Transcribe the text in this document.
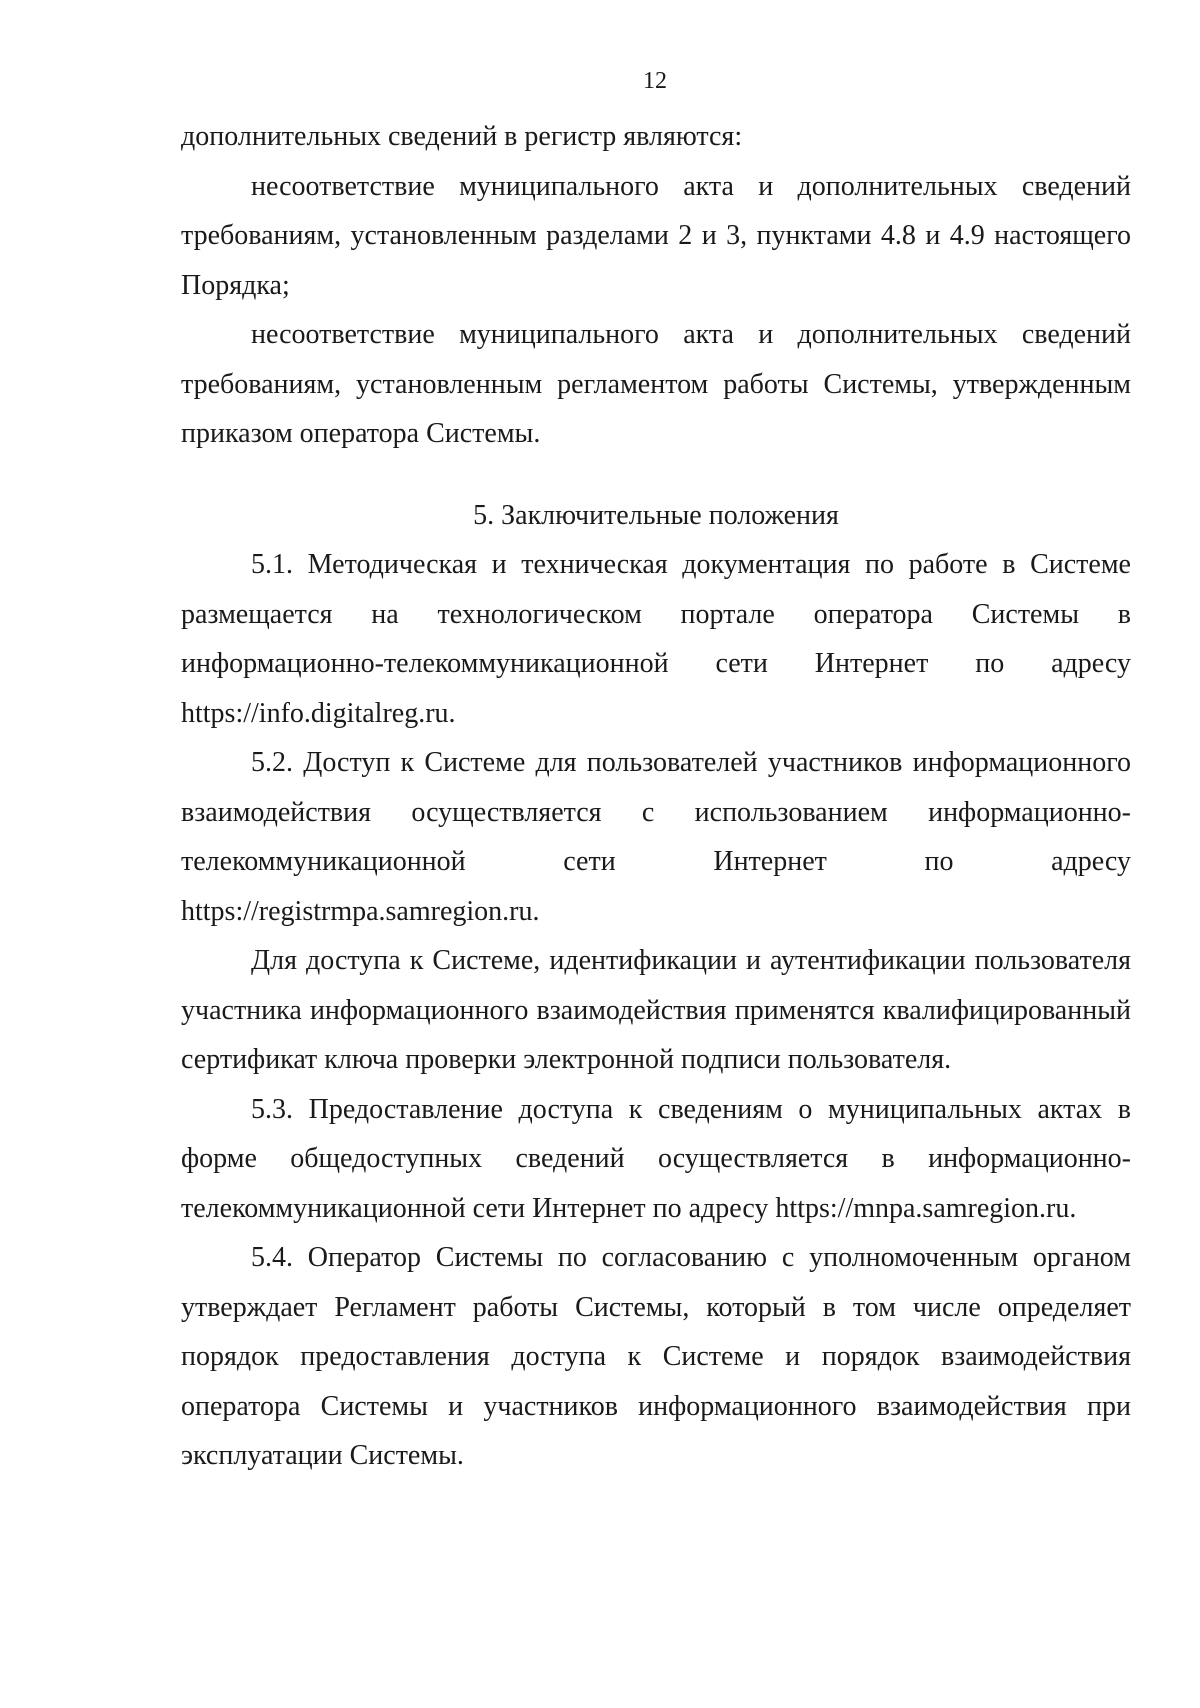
12

дополнительных сведений в регистр являются:

несоответствие муниципального акта и дополнительных сведений требованиям, установленным разделами 2 и 3, пунктами 4.8 и 4.9 настоящего Порядка;

несоответствие муниципального акта и дополнительных сведений требованиям, установленным регламентом работы Системы, утвержденным приказом оператора Системы.

5. Заключительные положения

5.1. Методическая и техническая документация по работе в Системе размещается на технологическом портале оператора Системы в информационно-телекоммуникационной сети Интернет по адресу https://info.digitalreg.ru.

5.2. Доступ к Системе для пользователей участников информационного взаимодействия осуществляется с использованием информационно-телекоммуникационной сети Интернет по адресу https://registrmpa.samregion.ru.

Для доступа к Системе, идентификации и аутентификации пользователя участника информационного взаимодействия применятся квалифицированный сертификат ключа проверки электронной подписи пользователя.

5.3. Предоставление доступа к сведениям о муниципальных актах в форме общедоступных сведений осуществляется в информационно-телекоммуникационной сети Интернет по адресу https://mnpa.samregion.ru.

5.4. Оператор Системы по согласованию с уполномоченным органом утверждает Регламент работы Системы, который в том числе определяет порядок предоставления доступа к Системе и порядок взаимодействия оператора Системы и участников информационного взаимодействия при эксплуатации Системы.
